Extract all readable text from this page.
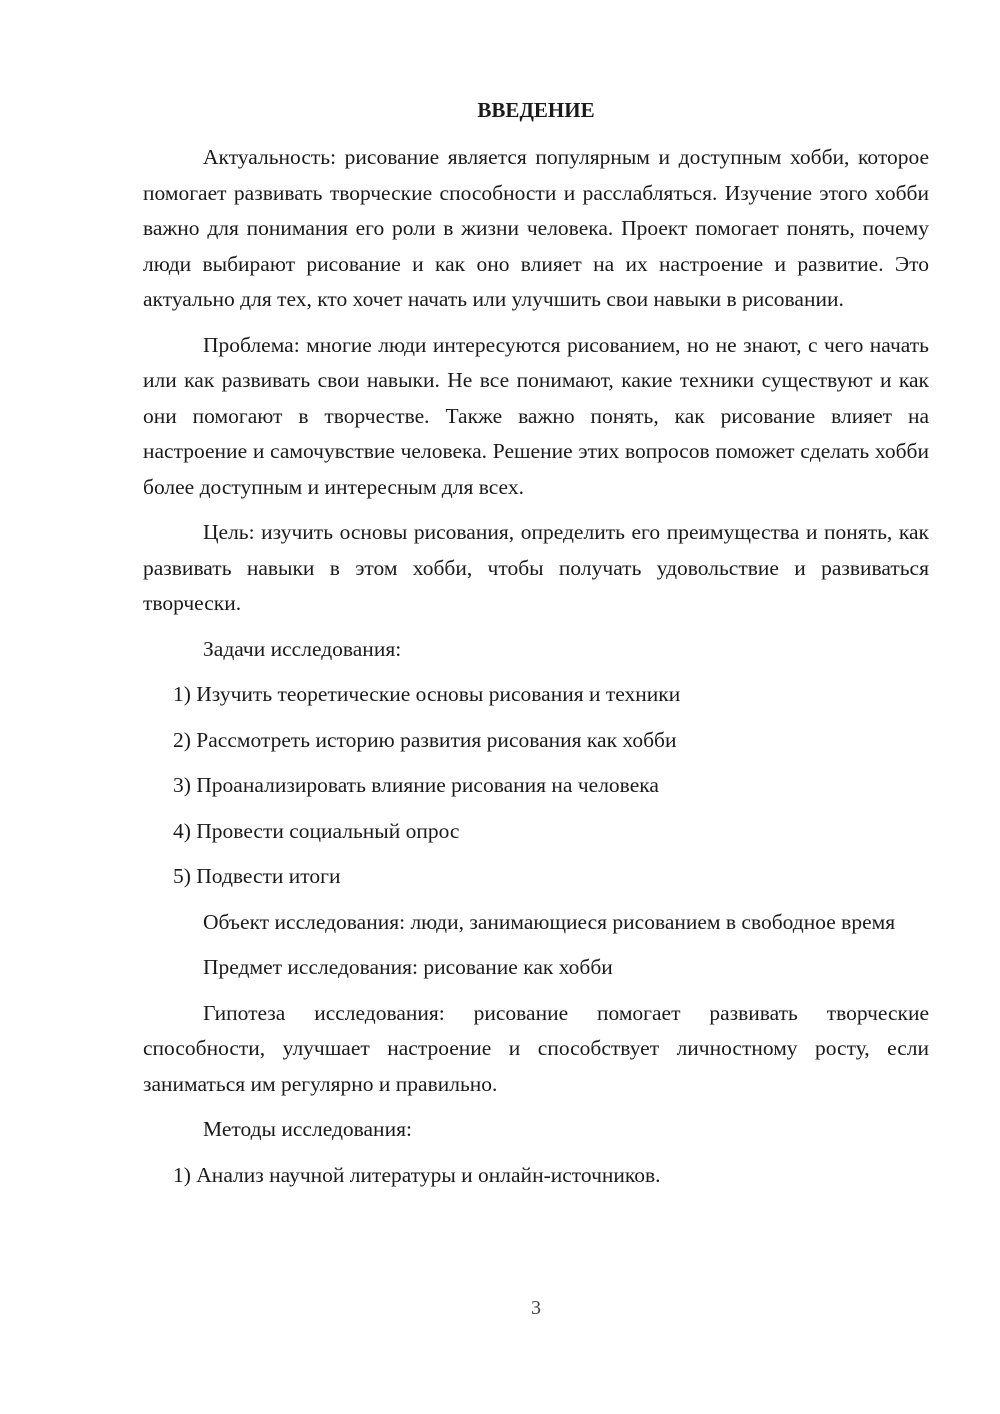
ВВЕДЕНИЕ

Актуальность: рисование является популярным и доступным хобби, которое помогает развивать творческие способности и расслабляться. Изучение этого хобби важно для понимания его роли в жизни человека. Проект помогает понять, почему люди выбирают рисование и как оно влияет на их настроение и развитие. Это актуально для тех, кто хочет начать или улучшить свои навыки в рисовании.

Проблема: многие люди интересуются рисованием, но не знают, с чего начать или как развивать свои навыки. Не все понимают, какие техники существуют и как они помогают в творчестве. Также важно понять, как рисование влияет на настроение и самочувствие человека. Решение этих вопросов поможет сделать хобби более доступным и интересным для всех.

Цель: изучить основы рисования, определить его преимущества и понять, как развивать навыки в этом хобби, чтобы получать удовольствие и развиваться творчески.

Задачи исследования:

1) Изучить теоретические основы рисования и техники

2) Рассмотреть историю развития рисования как хобби

3) Проанализировать влияние рисования на человека

4) Провести социальный опрос

5) Подвести итоги

Объект исследования: люди, занимающиеся рисованием в свободное время

Предмет исследования: рисование как хобби

Гипотеза исследования: рисование помогает развивать творческие способности, улучшает настроение и способствует личностному росту, если заниматься им регулярно и правильно.

Методы исследования:

1) Анализ научной литературы и онлайн-источников.

3
